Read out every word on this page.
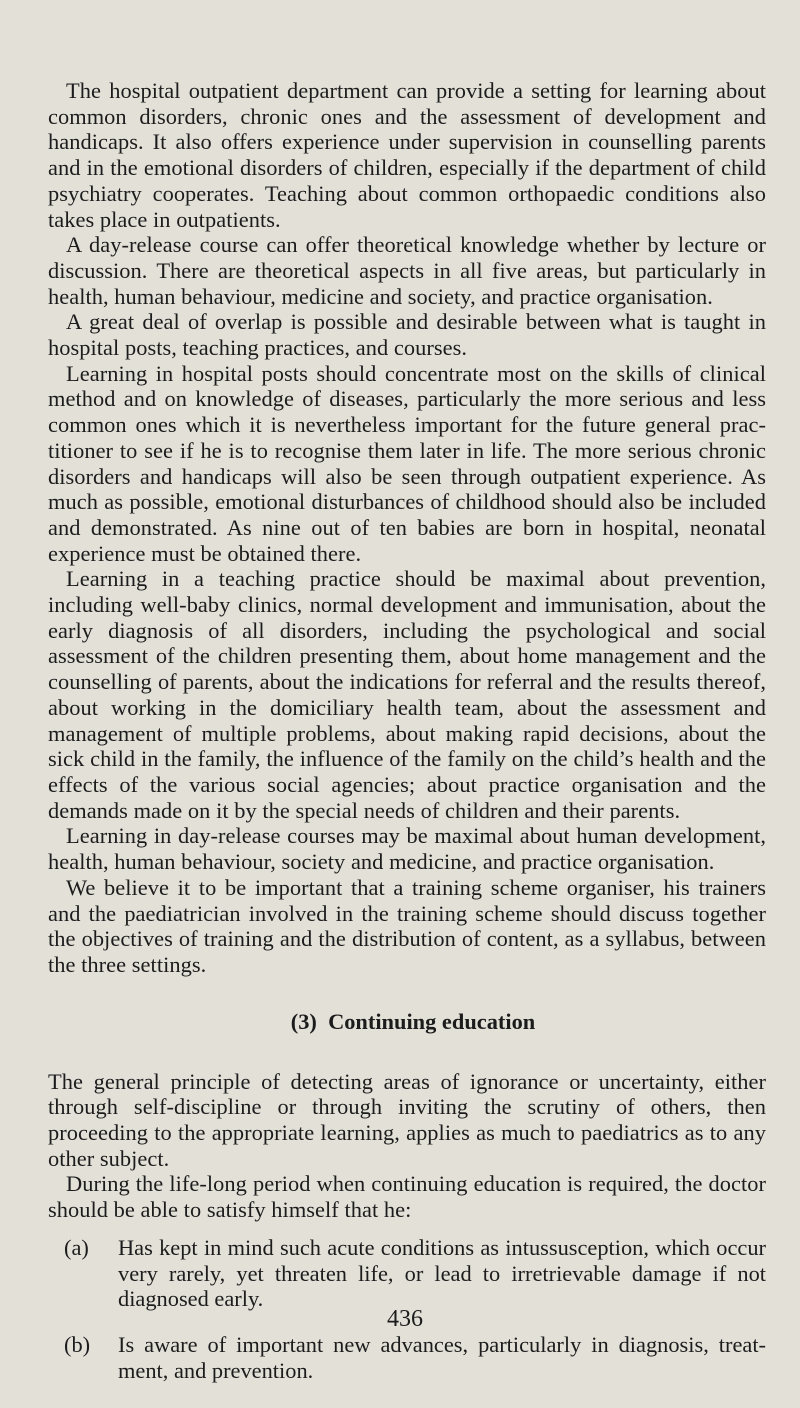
The hospital outpatient department can provide a setting for learning about common disorders, chronic ones and the assessment of development and handicaps. It also offers experience under supervision in counselling parents and in the emotional disorders of children, especially if the department of child psychiatry cooperates. Teaching about common orthopaedic conditions also takes place in outpatients.

A day-release course can offer theoretical knowledge whether by lecture or discussion. There are theoretical aspects in all five areas, but particularly in health, human behaviour, medicine and society, and practice organisation.

A great deal of overlap is possible and desirable between what is taught in hospital posts, teaching practices, and courses.

Learning in hospital posts should concentrate most on the skills of clinical method and on knowledge of diseases, particularly the more serious and less common ones which it is nevertheless important for the future general prac-titioner to see if he is to recognise them later in life. The more serious chronic disorders and handicaps will also be seen through outpatient experience. As much as possible, emotional disturbances of childhood should also be included and demonstrated. As nine out of ten babies are born in hospital, neonatal experience must be obtained there.

Learning in a teaching practice should be maximal about prevention, including well-baby clinics, normal development and immunisation, about the early diagnosis of all disorders, including the psychological and social assessment of the children presenting them, about home management and the counselling of parents, about the indications for referral and the results thereof, about working in the domiciliary health team, about the assessment and management of multiple problems, about making rapid decisions, about the sick child in the family, the influence of the family on the child’s health and the effects of the various social agencies; about practice organisation and the demands made on it by the special needs of children and their parents.

Learning in day-release courses may be maximal about human development, health, human behaviour, society and medicine, and practice organisation.

We believe it to be important that a training scheme organiser, his trainers and the paediatrician involved in the training scheme should discuss together the objectives of training and the distribution of content, as a syllabus, between the three settings.

(3) Continuing education

The general principle of detecting areas of ignorance or uncertainty, either through self-discipline or through inviting the scrutiny of others, then proceeding to the appropriate learning, applies as much to paediatrics as to any other subject.

During the life-long period when continuing education is required, the doctor should be able to satisfy himself that he:

(a)	Has kept in mind such acute conditions as intussusception, which occur very rarely, yet threaten life, or lead to irretrievable damage if not diagnosed early.
(b)	Is aware of important new advances, particularly in diagnosis, treat-ment, and prevention.
436
